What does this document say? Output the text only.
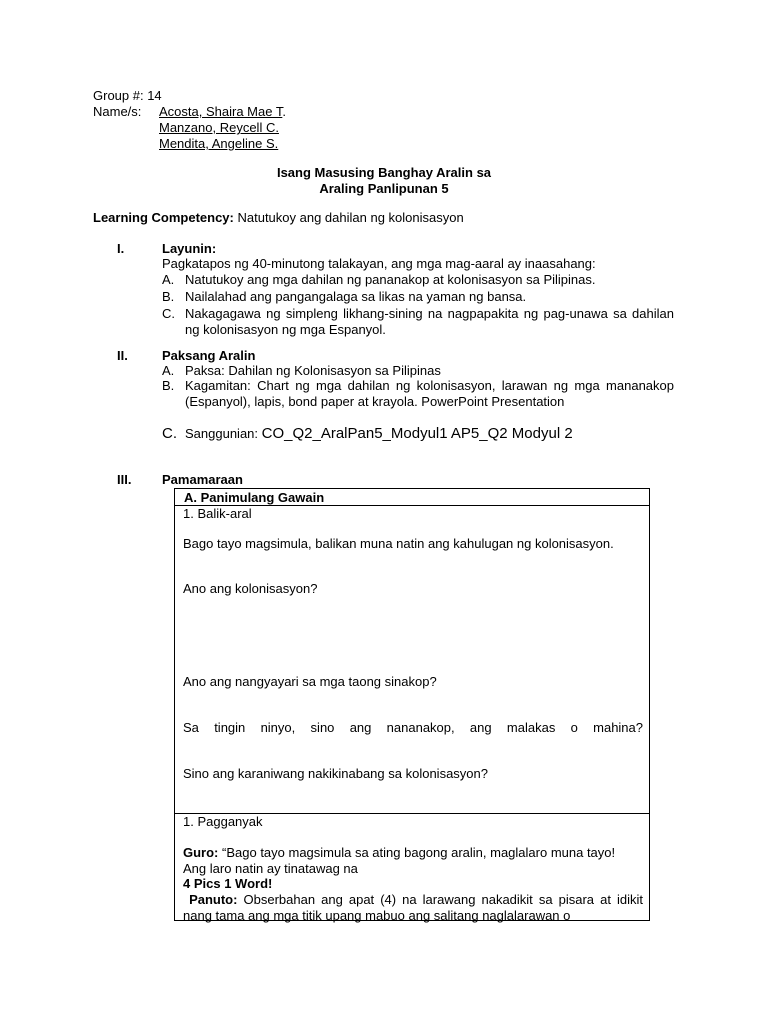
Group #: 14
Name/s: Acosta, Shaira Mae T.
Manzano, Reycell C.
Mendita, Angeline S.
Isang Masusing Banghay Aralin sa
Araling Panlipunan 5
Learning Competency: Natutukoy ang dahilan ng kolonisasyon
I.	Layunin:
Pagkatapos ng 40-minutong talakayan, ang mga mag-aaral ay inaasahang:
A. Natutukoy ang mga dahilan ng pananakop at kolonisasyon sa Pilipinas.
B. Nailalahad ang pangangalaga sa likas na yaman ng bansa.
C. Nakagagawa ng simpleng likhang-sining na nagpapakita ng pag-unawa sa dahilan ng kolonisasyon ng mga Espanyol.
II.	Paksang Aralin
A. Paksa: Dahilan ng Kolonisasyon sa Pilipinas
B. Kagamitan: Chart ng mga dahilan ng kolonisasyon, larawan ng mga mananakop (Espanyol), lapis, bond paper at krayola. PowerPoint Presentation
C. Sanggunian: CO_Q2_AralPan5_Modyul1 AP5_Q2 Modyul 2
III. Pamamaraan
A. Panimulang Gawain
1. Balik-aral
Bago tayo magsimula, balikan muna natin ang kahulugan ng kolonisasyon.
Ano ang kolonisasyon?
Ano ang nangyayari sa mga taong sinakop?
Sa tingin ninyo, sino ang nananakop, ang malakas o mahina?
Sino ang karaniwang nakikinabang sa kolonisasyon?
1. Pagganyak
Guro: “Bago tayo magsimula sa ating bagong aralin, maglalaro muna tayo! Ang laro natin ay tinatawag na
4 Pics 1 Word!
Panuto: Obserbahan ang apat (4) na larawang nakadikit sa pisara at idikit nang tama ang mga titik upang mabuo ang salitang naglalarawan o
